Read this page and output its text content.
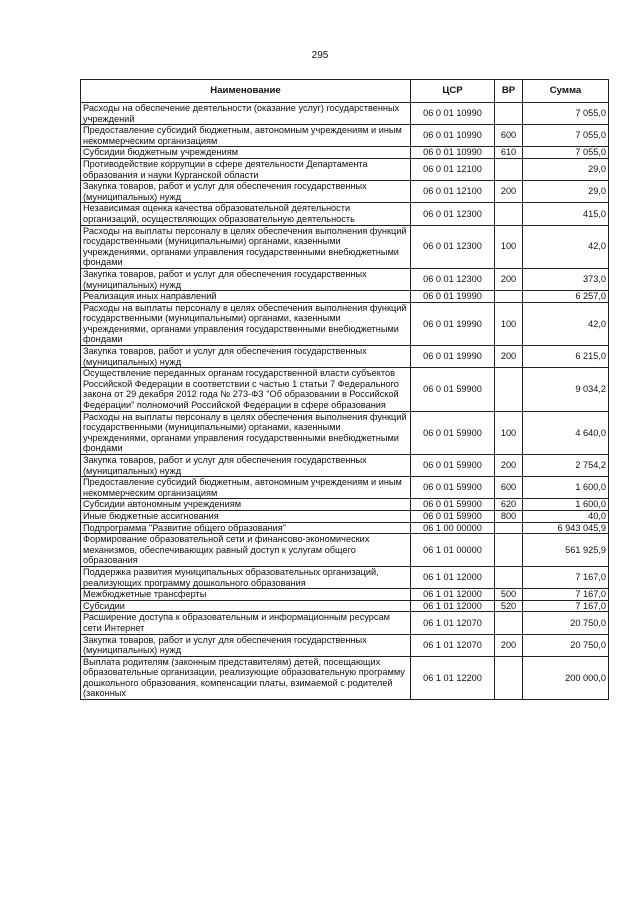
295
Наименование	ЦСР	ВР	Сумма
Расходы на обеспечение деятельности (оказание услуг) государственных учреждений	06 0 01 10990		7 055,0
Предоставление субсидий бюджетным, автономным учреждениям и иным некоммерческим организациям	06 0 01 10990	600	7 055,0
Субсидии бюджетным учреждениям	06 0 01 10990	610	7 055,0
Противодействие коррупции в сфере деятельности Департамента образования и науки Курганской области	06 0 01 12100		29,0
Закупка товаров, работ и услуг для обеспечения государственных (муниципальных) нужд	06 0 01 12100	200	29,0
Независимая оценка качества образовательной деятельности организаций, осуществляющих образовательную деятельность	06 0 01 12300		415,0
Расходы на выплаты персоналу в целях обеспечения выполнения функций государственными (муниципальными) органами, казенными учреждениями, органами управления государственными внебюджетными фондами	06 0 01 12300	100	42,0
Закупка товаров, работ и услуг для обеспечения государственных (муниципальных) нужд	06 0 01 12300	200	373,0
Реализация иных направлений	06 0 01 19990		6 257,0
Расходы на выплаты персоналу в целях обеспечения выполнения функций государственными (муниципальными) органами, казенными учреждениями, органами управления государственными внебюджетными фондами	06 0 01 19990	100	42,0
Закупка товаров, работ и услуг для обеспечения государственных (муниципальных) нужд	06 0 01 19990	200	6 215,0
Осуществление переданных органам государственной власти субъектов Российской Федерации в соответствии с частью 1 статьи 7 Федерального закона от 29 декабря 2012 года № 273-ФЗ "Об образовании в Российской Федерации" полномочий Российской Федерации в сфере образования	06 0 01 59900		9 034,2
Расходы на выплаты персоналу в целях обеспечения выполнения функций государственными (муниципальными) органами, казенными учреждениями, органами управления государственными внебюджетными фондами	06 0 01 59900	100	4 640,0
Закупка товаров, работ и услуг для обеспечения государственных (муниципальных) нужд	06 0 01 59900	200	2 754,2
Предоставление субсидий бюджетным, автономным учреждениям и иным некоммерческим организациям	06 0 01 59900	600	1 600,0
Субсидии автономным учреждениям	06 0 01 59900	620	1 600,0
Иные бюджетные ассигнования	06 0 01 59900	800	40,0
Подпрограмма "Развитие общего образования"	06 1 00 00000		6 943 045,9
Формирование образовательной сети и финансово-экономических механизмов, обеспечивающих равный доступ к услугам общего образования	06 1 01 00000		561 925,9
Поддержка развития муниципальных образовательных организаций, реализующих программу дошкольного образования	06 1 01 12000		7 167,0
Межбюджетные трансферты	06 1 01 12000	500	7 167,0
Субсидии	06 1 01 12000	520	7 167,0
Расширение доступа к образовательным и информационным ресурсам сети Интернет	06 1 01 12070		20 750,0
Закупка товаров, работ и услуг для обеспечения государственных (муниципальных) нужд	06 1 01 12070	200	20 750,0
Выплата родителям (законным представителям) детей, посещающих образовательные организации, реализующие образовательную программу дошкольного образования, компенсации платы, взимаемой с родителей (законных	06 1 01 12200		200 000,0
